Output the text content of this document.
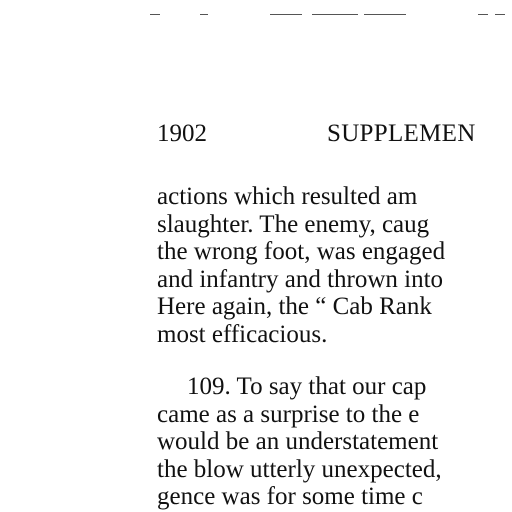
1902	SUPPLEMEN
actions which resulted am
slaughter. The enemy, caug
the wrong foot, was engaged
and infantry and thrown into
Here again, the “ Cab Rank
most efficacious.
109. To say that our cap
came as a surprise to the e
would be an understatement
the blow utterly unexpected,
gence was for some time c
